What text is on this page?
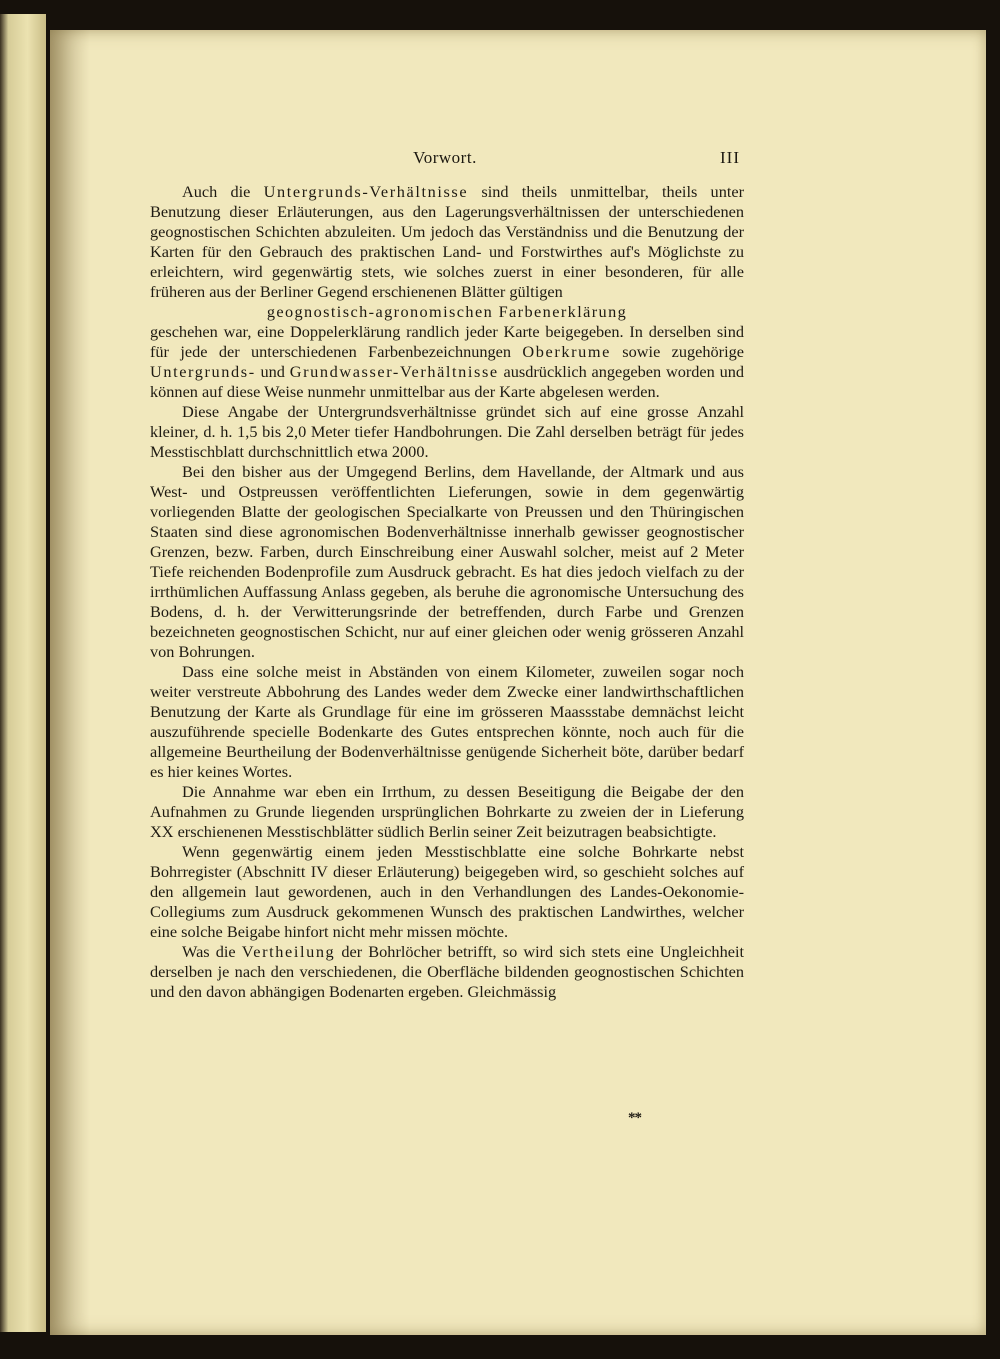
Vorwort.	III

Auch die Untergrunds-Verhältnisse sind theils unmittelbar, theils unter Benutzung dieser Erläuterungen, aus den Lagerungsverhältnissen der unterschiedenen geognostischen Schichten abzuleiten. Um jedoch das Verständniss und die Benutzung der Karten für den Gebrauch des praktischen Land- und Forstwirthes auf's Möglichste zu erleichtern, wird gegenwärtig stets, wie solches zuerst in einer besonderen, für alle früheren aus der Berliner Gegend erschienenen Blätter gültigen

geognostisch-agronomischen Farbenerklärung

geschehen war, eine Doppelerklärung randlich jeder Karte beigegeben. In derselben sind für jede der unterschiedenen Farbenbezeichnungen Oberkrume sowie zugehörige Untergrunds- und Grundwasser-Verhältnisse ausdrücklich angegeben worden und können auf diese Weise nunmehr unmittelbar aus der Karte abgelesen werden.

Diese Angabe der Untergrundsverhältnisse gründet sich auf eine grosse Anzahl kleiner, d. h. 1,5 bis 2,0 Meter tiefer Handbohrungen. Die Zahl derselben beträgt für jedes Messtischblatt durchschnittlich etwa 2000.

Bei den bisher aus der Umgegend Berlins, dem Havellande, der Altmark und aus West- und Ostpreussen veröffentlichten Lieferungen, sowie in dem gegenwärtig vorliegenden Blatte der geologischen Specialkarte von Preussen und den Thüringischen Staaten sind diese agronomischen Bodenverhältnisse innerhalb gewisser geognostischer Grenzen, bezw. Farben, durch Einschreibung einer Auswahl solcher, meist auf 2 Meter Tiefe reichenden Bodenprofile zum Ausdruck gebracht. Es hat dies jedoch vielfach zu der irrthümlichen Auffassung Anlass gegeben, als beruhe die agronomische Untersuchung des Bodens, d. h. der Verwitterungsrinde der betreffenden, durch Farbe und Grenzen bezeichneten geognostischen Schicht, nur auf einer gleichen oder wenig grösseren Anzahl von Bohrungen.

Dass eine solche meist in Abständen von einem Kilometer, zuweilen sogar noch weiter verstreute Abbohrung des Landes weder dem Zwecke einer landwirthschaftlichen Benutzung der Karte als Grundlage für eine im grösseren Maassstabe demnächst leicht auszuführende specielle Bodenkarte des Gutes entsprechen könnte, noch auch für die allgemeine Beurtheilung der Bodenverhältnisse genügende Sicherheit böte, darüber bedarf es hier keines Wortes.

Die Annahme war eben ein Irrthum, zu dessen Beseitigung die Beigabe der den Aufnahmen zu Grunde liegenden ursprünglichen Bohrkarte zu zweien der in Lieferung XX erschienenen Messtischblätter südlich Berlin seiner Zeit beizutragen beabsichtigte.

Wenn gegenwärtig einem jeden Messtischblatte eine solche Bohrkarte nebst Bohrregister (Abschnitt IV dieser Erläuterung) beigegeben wird, so geschieht solches auf den allgemein laut gewordenen, auch in den Verhandlungen des Landes-Oekonomie-Collegiums zum Ausdruck gekommenen Wunsch des praktischen Landwirthes, welcher eine solche Beigabe hinfort nicht mehr missen möchte.

Was die Vertheilung der Bohrlöcher betrifft, so wird sich stets eine Ungleichheit derselben je nach den verschiedenen, die Oberfläche bildenden geognostischen Schichten und den davon abhängigen Bodenarten ergeben. Gleichmässig

**
